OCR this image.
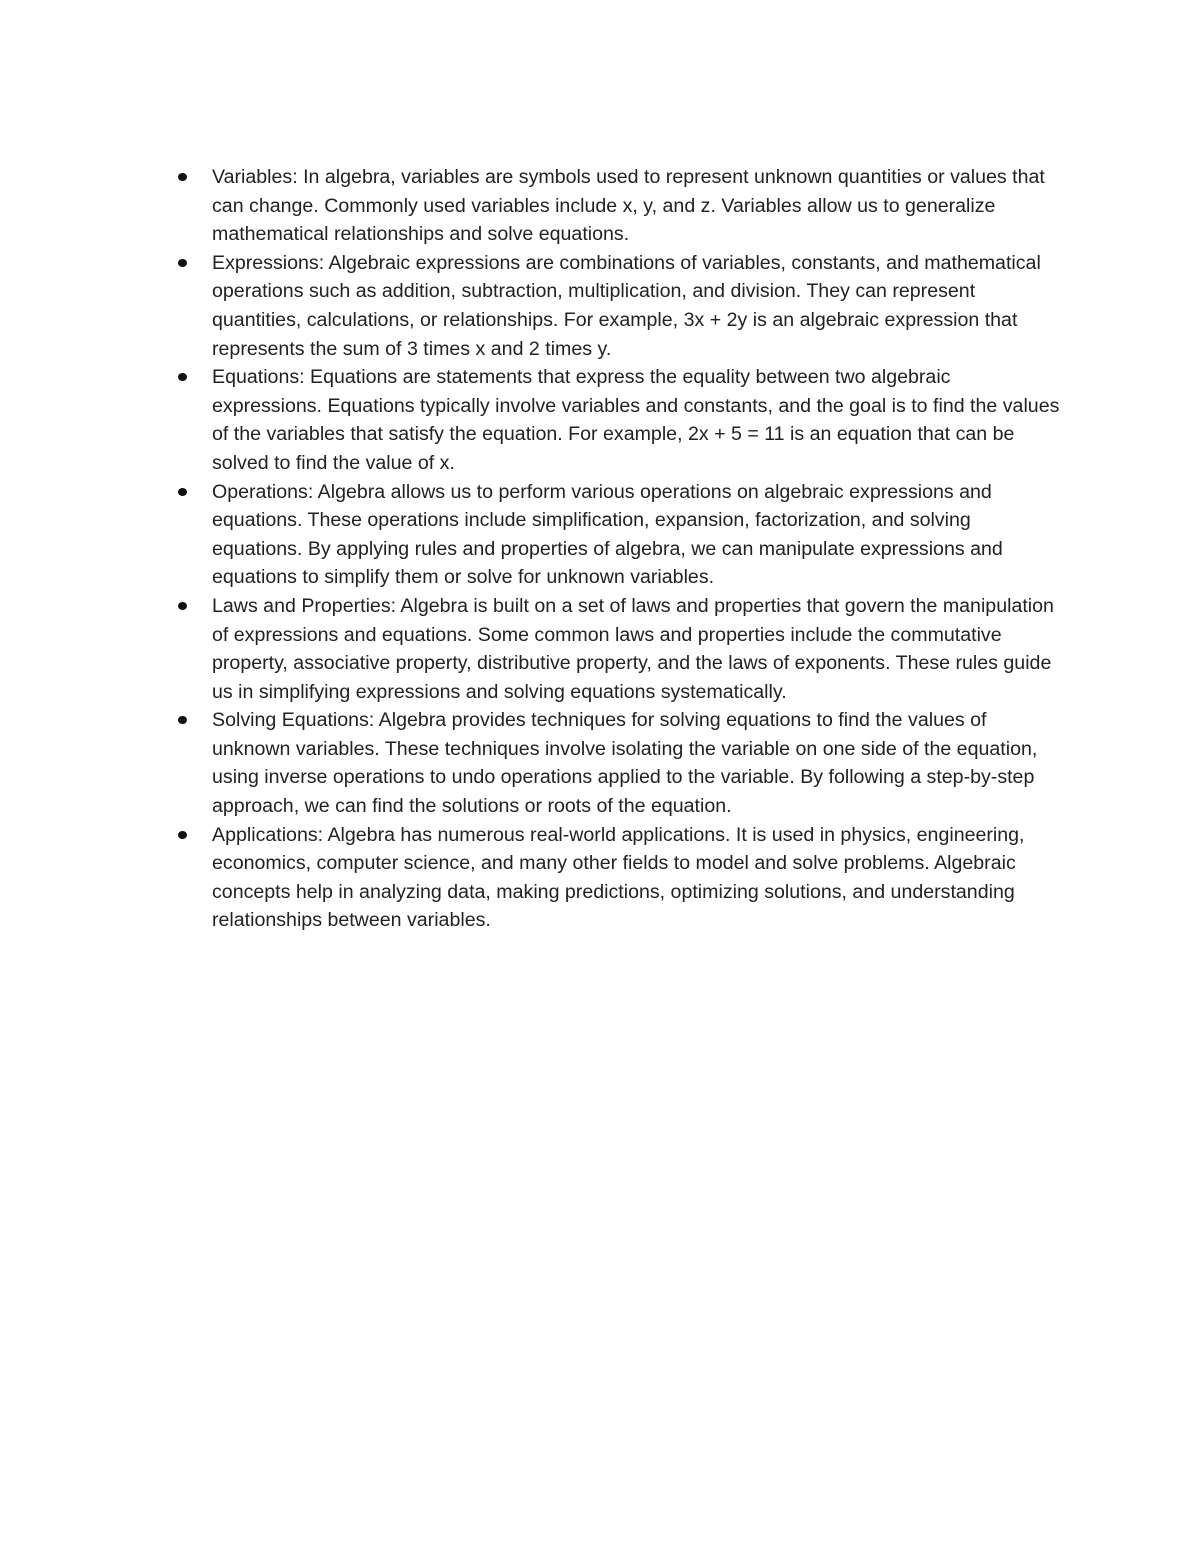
Variables: In algebra, variables are symbols used to represent unknown quantities or values that can change. Commonly used variables include x, y, and z. Variables allow us to generalize mathematical relationships and solve equations.
Expressions: Algebraic expressions are combinations of variables, constants, and mathematical operations such as addition, subtraction, multiplication, and division. They can represent quantities, calculations, or relationships. For example, 3x + 2y is an algebraic expression that represents the sum of 3 times x and 2 times y.
Equations: Equations are statements that express the equality between two algebraic expressions. Equations typically involve variables and constants, and the goal is to find the values of the variables that satisfy the equation. For example, 2x + 5 = 11 is an equation that can be solved to find the value of x.
Operations: Algebra allows us to perform various operations on algebraic expressions and equations. These operations include simplification, expansion, factorization, and solving equations. By applying rules and properties of algebra, we can manipulate expressions and equations to simplify them or solve for unknown variables.
Laws and Properties: Algebra is built on a set of laws and properties that govern the manipulation of expressions and equations. Some common laws and properties include the commutative property, associative property, distributive property, and the laws of exponents. These rules guide us in simplifying expressions and solving equations systematically.
Solving Equations: Algebra provides techniques for solving equations to find the values of unknown variables. These techniques involve isolating the variable on one side of the equation, using inverse operations to undo operations applied to the variable. By following a step-by-step approach, we can find the solutions or roots of the equation.
Applications: Algebra has numerous real-world applications. It is used in physics, engineering, economics, computer science, and many other fields to model and solve problems. Algebraic concepts help in analyzing data, making predictions, optimizing solutions, and understanding relationships between variables.
